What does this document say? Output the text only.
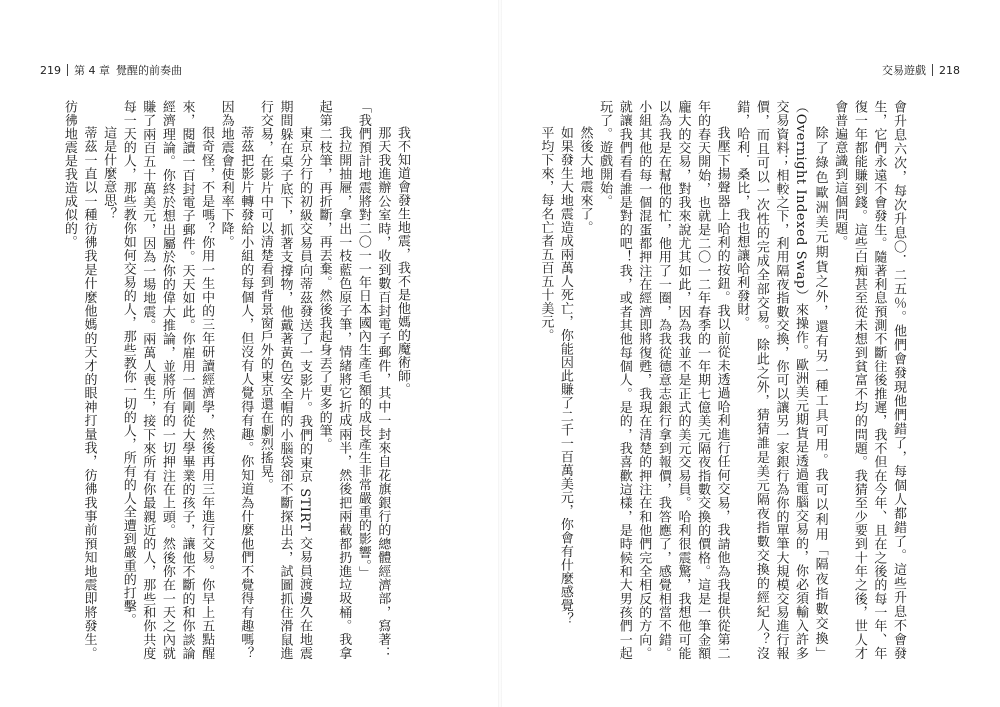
219 第 4 章 覺醒的前奏曲	交易遊戲 218

我不知道會發生地震，我不是他媽的魔術師。

那天我進辦公室時，收到數百封電子郵件，其中一封來自花旗銀行的總體經濟部，寫著：「我們預計地震將對二〇一一年日本國內生產毛額的成長產生非常嚴重的影響。」

我拉開抽屜，拿出一枝藍色原子筆，情緒將它折成兩半，然後把兩截都扔進垃圾桶。我拿起第二枝筆，再折斷，再丟棄。然後我起身丟了更多的筆。

東京分行的初級交易員向蒂茲發送了一支影片。我們的東京 STIRT 交易員渡邊久在地震期間躲在桌子底下，抓著支撐物，他戴著黃色安全帽的小腦袋卻不斷探出去，試圖抓住滑鼠進行交易，在影片中可以清楚看到背景窗戶外的東京還在劇烈搖晃。

蒂茲把影片轉發給小組的每個人，但沒有人覺得有趣。你知道為什麼他們不覺得有趣嗎？因為地震會使利率下降。

很奇怪，不是嗎？你用一生中的三年研讀經濟學，然後再用三年進行交易。你早上五點醒來，閱讀一百封電子郵件。天天如此。你雇用一個剛從大學畢業的孩子，讓他不斷的和你談論經濟理論。你終於想出屬於你的偉大推論，並將所有的一切押注在上頭。然後你在一天之內就賺了兩百五十萬美元，因為一場地震。兩萬人喪生，接下來所有你最親近的人，那些和你共度每一天的人，那些教你如何交易的人，那些教你一切的人，所有的人全遭到嚴重的打擊。

這是什麼意思？

蒂茲一直以一種彷彿我是什麼他媽的天才的眼神打量我，彷彿我事前預知地震即將發生。彷彿地震是我造成似的。	會升息六次，每次升息〇．二五％。他們會發現他們錯了，每個人都錯了。這些升息不會發生，它們永遠不會發生。隨著利息預測不斷往後推遲，我不但在今年、且在之後的每一年、年復一年都能賺到錢。這些白痴甚至從未想到貧富不均的問題。我猜至少要到十年之後，世人才會普遍意識到這個問題。

除了綠色歐洲美元期貨之外，還有另一種工具可用。我可以利用「隔夜指數交換」（Overnight Indexed Swap）來操作。歐洲美元期貨是透過電腦交易的，你必須輸入許多交易資料；相較之下，利用隔夜指數交換，你可以讓另一家銀行為你的單筆大規模交易進行報價，而且可以一次性的完成全部交易。除此之外，猜猜誰是美元隔夜指數交換的經紀人？沒錯，哈利．桑比，我也想讓哈利發財。

我壓下揚聲器上哈利的按鈕。我以前從未透過哈利進行任何交易，我請他為我提供從第二年的春天開始，也就是二〇一二年春季的一年期七億美元隔夜指數交換的價格。這是一筆金額龐大的交易，對我來說尤其如此，因為我並不是正式的美元交易員。哈利很震驚，我想他可能以為我是在幫他的忙，他用了一圈，為我從德意志銀行拿到報價，我答應了，感覺相當不錯。小組其他的每一個混蛋都押注在經濟即將復甦，我現在清楚的押注在和他們完全相反的方向。就讓我們看看誰是對的吧！我，或者其他每個人。是的，我喜歡這樣，是時候和大男孩們一起玩了。遊戲開始。

然後大地震來了。

如果發生大地震造成兩萬人死亡，你能因此賺了二千一百萬美元，你會有什麼感覺？

平均下來，每名亡者五百五十美元。
